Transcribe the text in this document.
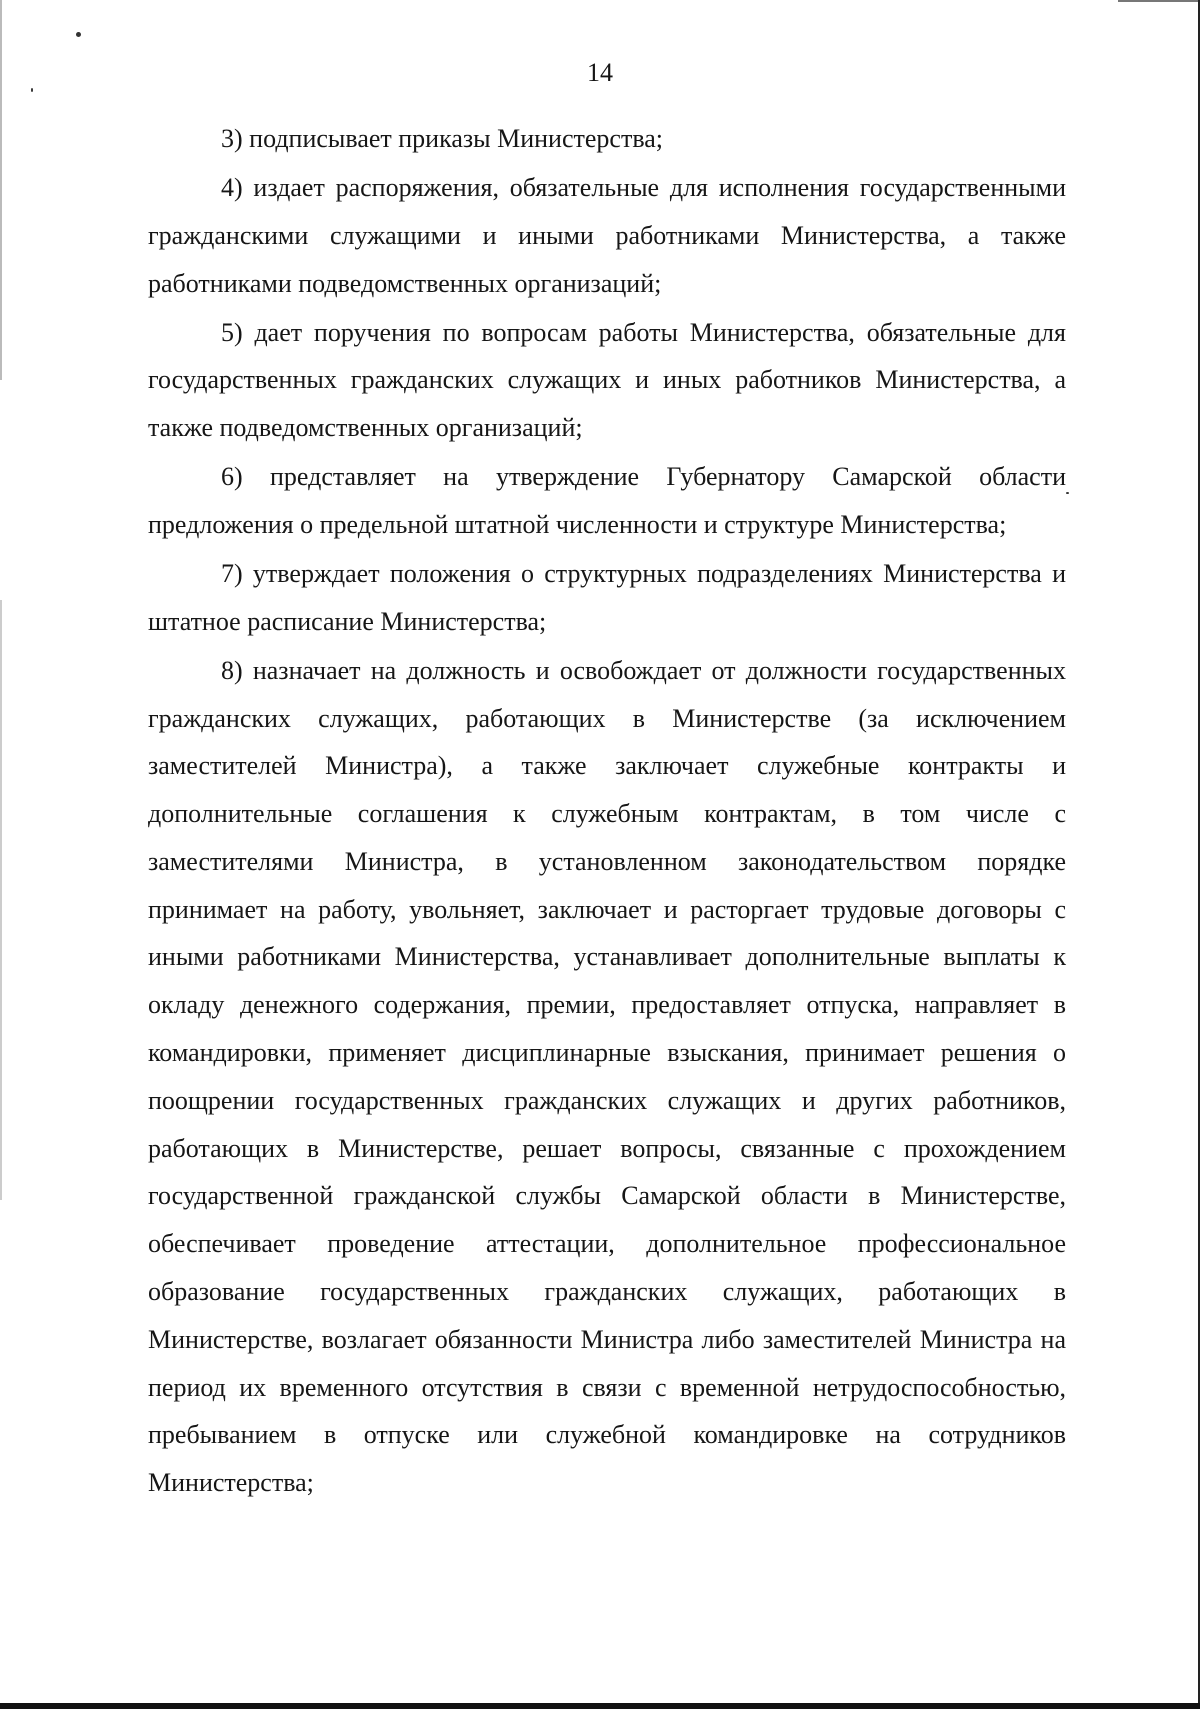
14

3) подписывает приказы Министерства;

4) издает распоряжения, обязательные для исполнения государственными гражданскими служащими и иными работниками Министерства, а также работниками подведомственных организаций;

5) дает поручения по вопросам работы Министерства, обязательные для государственных гражданских служащих и иных работников Министерства, а также подведомственных организаций;

6) представляет на утверждение Губернатору Самарской области предложения о предельной штатной численности и структуре Министерства;

7) утверждает положения о структурных подразделениях Министерства и штатное расписание Министерства;

8) назначает на должность и освобождает от должности государственных гражданских служащих, работающих в Министерстве (за исключением заместителей Министра), а также заключает служебные контракты и дополнительные соглашения к служебным контрактам, в том числе с заместителями Министра, в установленном законодательством порядке принимает на работу, увольняет, заключает и расторгает трудовые договоры с иными работниками Министерства, устанавливает дополнительные выплаты к окладу денежного содержания, премии, предоставляет отпуска, направляет в командировки, применяет дисциплинарные взыскания, принимает решения о поощрении государственных гражданских служащих и других работников, работающих в Министерстве, решает вопросы, связанные с прохождением государственной гражданской службы Самарской области в Министерстве, обеспечивает проведение аттестации, дополнительное профессиональное образование государственных гражданских служащих, работающих в Министерстве, возлагает обязанности Министра либо заместителей Министра на период их временного отсутствия в связи с временной нетрудоспособностью, пребыванием в отпуске или служебной командировке на сотрудников Министерства;
